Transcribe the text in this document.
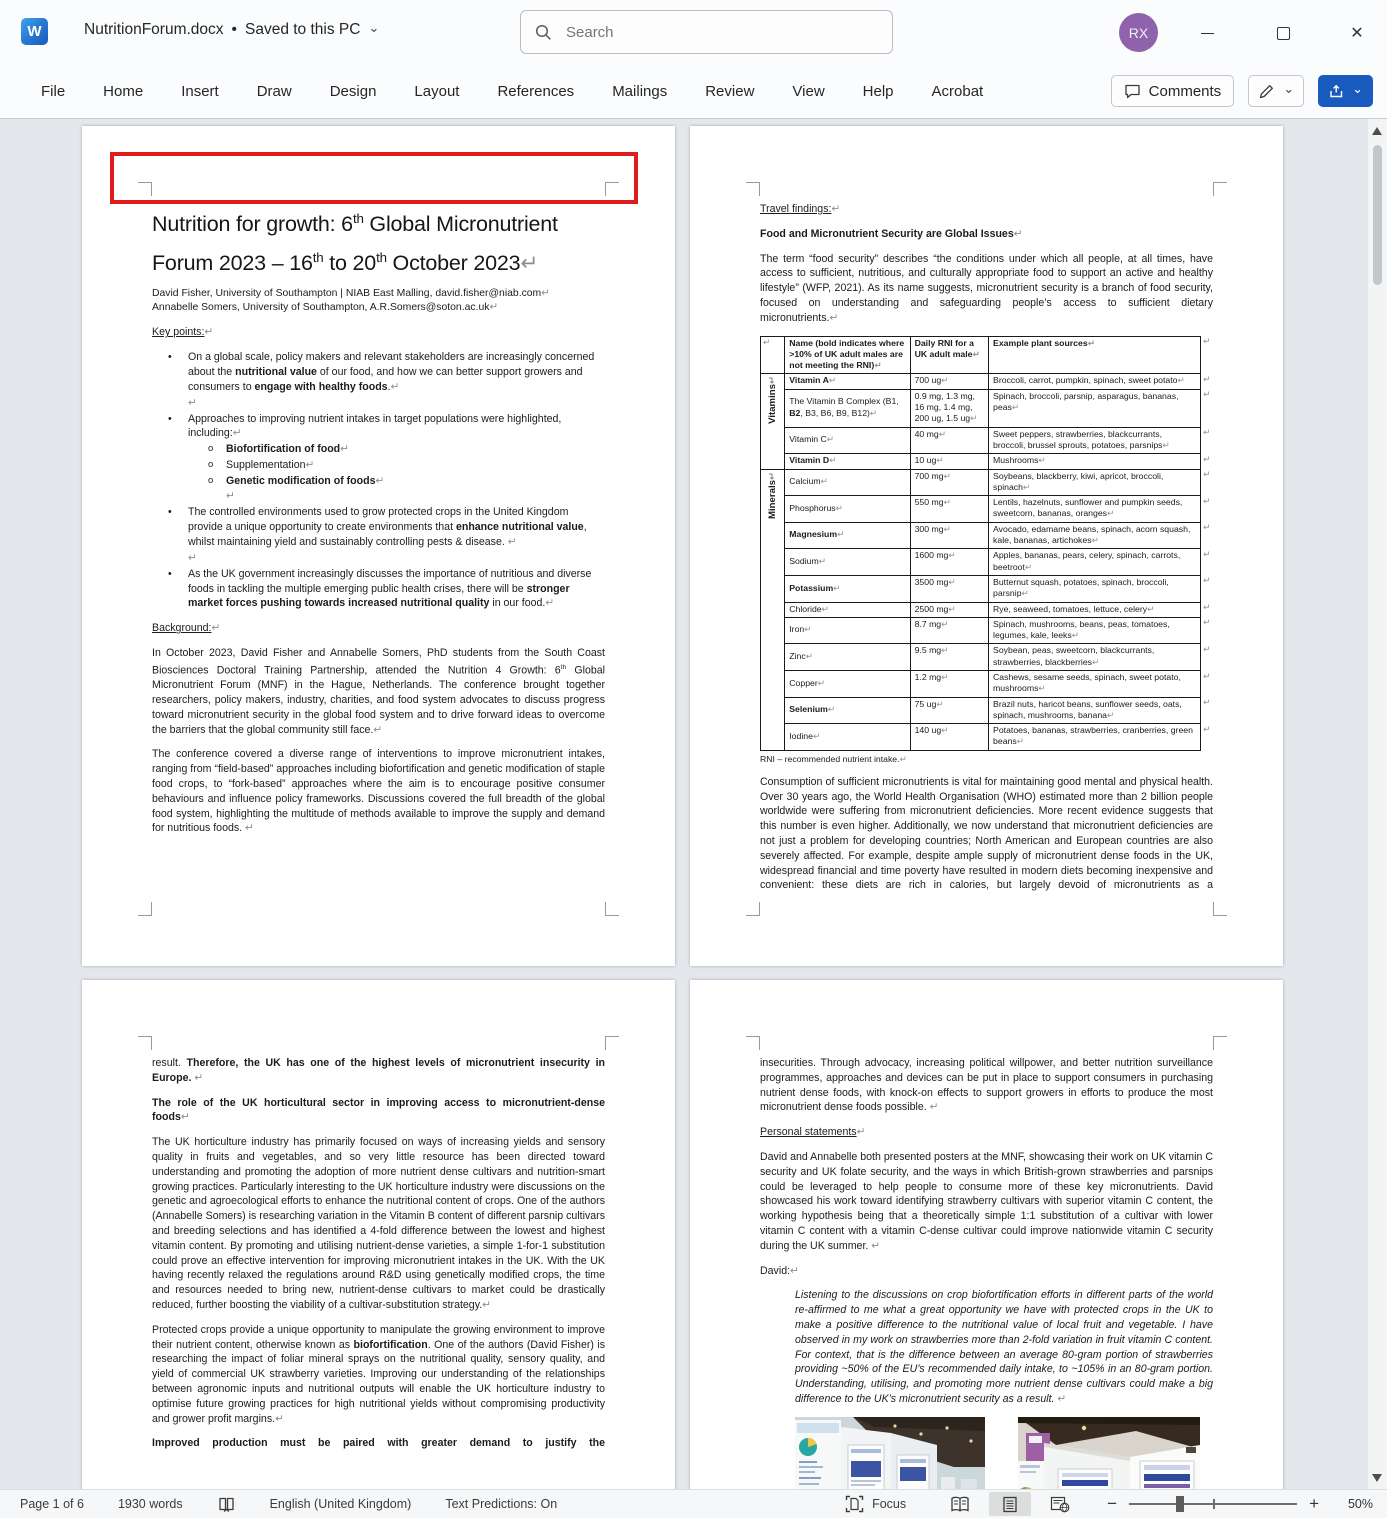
W	NutritionForum.docx • Saved to this PC ⌄
Search	RX	✕
File	Home	Insert	Draw	Design	Layout	References	Mailings	Review	View	Help	Acrobat	Comments	⌄	⌄
Nutrition for growth: 6th Global Micronutrient Forum 2023 – 16th to 20th October 2023↵

David Fisher, University of Southampton | NIAB East Malling, david.fisher@niab.com↵

Annabelle Somers, University of Southampton, A.R.Somers@soton.ac.uk↵

Key points:↵

•	On a global scale, policy makers and relevant stakeholders are increasingly concerned about the nutritional value of our food, and how we can better support growers and consumers to engage with healthy foods.↵
↵
•	Approaches to improving nutrient intakes in target populations were highlighted, including:↵
o	Biofortification of food↵
o	Supplementation↵
o	Genetic modification of foods↵
↵
•	The controlled environments used to grow protected crops in the United Kingdom provide a unique opportunity to create environments that enhance nutritional value, whilst maintaining yield and sustainably controlling pests & disease. ↵
↵
•	As the UK government increasingly discusses the importance of nutritious and diverse foods in tackling the multiple emerging public health crises, there will be stronger market forces pushing towards increased nutritional quality in our food.↵

Background:↵

In October 2023, David Fisher and Annabelle Somers, PhD students from the South Coast Biosciences Doctoral Training Partnership, attended the Nutrition 4 Growth: 6th Global Micronutrient Forum (MNF) in the Hague, Netherlands. The conference brought together researchers, policy makers, industry, charities, and food system advocates to discuss progress toward micronutrient security in the global food system and to drive forward ideas to overcome the barriers that the global community still face.↵

The conference covered a diverse range of interventions to improve micronutrient intakes, ranging from “field-based” approaches including biofortification and genetic modification of staple food crops, to “fork-based” approaches where the aim is to encourage positive consumer behaviours and influence policy frameworks. Discussions covered the full breadth of the global food system, highlighting the multitude of methods available to improve the supply and demand for nutritious foods. ↵

Travel findings:↵

Food and Micronutrient Security are Global Issues↵

The term “food security” describes “the conditions under which all people, at all times, have access to sufficient, nutritious, and culturally appropriate food to support an active and healthy lifestyle” (WFP, 2021). As its name suggests, micronutrient security is a branch of food security, focused on understanding and safeguarding people’s access to sufficient dietary micronutrients.↵

↵	Name (bold indicates where >10% of UK adult males are not meeting the RNI)↵	Daily RNI for a UK adult male↵	Example plant sources↵	↵

Vitamins↵	Vitamin A↵	700 ug↵	Broccoli, carrot, pumpkin, spinach, sweet potato↵	↵
	The Vitamin B Complex (B1, B2, B3, B6, B9, B12)↵	0.9 mg, 1.3 mg, 16 mg, 1.4 mg, 200 ug, 1.5 ug↵	Spinach, broccoli, parsnip, asparagus, bananas, peas↵	↵
	Vitamin C↵	40 mg↵	Sweet peppers, strawberries, blackcurrants, broccoli, brussel sprouts, potatoes, parsnips↵	↵
	Vitamin D↵	10 ug↵	Mushrooms↵	↵

Minerals↵	Calcium↵	700 mg↵	Soybeans, blackberry, kiwi, apricot, broccoli, spinach↵	↵
	Phosphorus↵	550 mg↵	Lentils, hazelnuts, sunflower and pumpkin seeds, sweetcorn, bananas, oranges↵	↵
	Magnesium↵	300 mg↵	Avocado, edamame beans, spinach, acorn squash, kale, bananas, artichokes↵	↵
	Sodium↵	1600 mg↵	Apples, bananas, pears, celery, spinach, carrots, beetroot↵	↵
	Potassium↵	3500 mg↵	Butternut squash, potatoes, spinach, broccoli, parsnip↵	↵
	Chloride↵	2500 mg↵	Rye, seaweed, tomatoes, lettuce, celery↵	↵
	Iron↵	8.7 mg↵	Spinach, mushrooms, beans, peas, tomatoes, legumes, kale, leeks↵	↵
	Zinc↵	9.5 mg↵	Soybean, peas, sweetcorn, blackcurrants, strawberries, blackberries↵	↵
	Copper↵	1.2 mg↵	Cashews, sesame seeds, spinach, sweet potato, mushrooms↵	↵
	Selenium↵	75 ug↵	Brazil nuts, haricot beans, sunflower seeds, oats, spinach, mushrooms, banana↵	↵
	Iodine↵	140 ug↵	Potatoes, bananas, strawberries, cranberries, green beans↵	↵

RNI – recommended nutrient intake.↵

Consumption of sufficient micronutrients is vital for maintaining good mental and physical health. Over 30 years ago, the World Health Organisation (WHO) estimated more than 2 billion people worldwide were suffering from micronutrient deficiencies. More recent evidence suggests that this number is even higher. Additionally, we now understand that micronutrient deficiencies are not just a problem for developing countries; North American and European countries are also severely affected. For example, despite ample supply of micronutrient dense foods in the UK, widespread financial and time poverty have resulted in modern diets becoming inexpensive and convenient: these diets are rich in calories, but largely devoid of micronutrients as a

result. Therefore, the UK has one of the highest levels of micronutrient insecurity in Europe. ↵

The role of the UK horticultural sector in improving access to micronutrient-dense foods↵

The UK horticulture industry has primarily focused on ways of increasing yields and sensory quality in fruits and vegetables, and so very little resource has been directed toward understanding and promoting the adoption of more nutrient dense cultivars and nutrition-smart growing practices. Particularly interesting to the UK horticulture industry were discussions on the genetic and agroecological efforts to enhance the nutritional content of crops. One of the authors (Annabelle Somers) is researching variation in the Vitamin B content of different parsnip cultivars and breeding selections and has identified a 4-fold difference between the lowest and highest vitamin content. By promoting and utilising nutrient-dense varieties, a simple 1-for-1 substitution could prove an effective intervention for improving micronutrient intakes in the UK. With the UK having recently relaxed the regulations around R&D using genetically modified crops, the time and resources needed to bring new, nutrient-dense cultivars to market could be drastically reduced, further boosting the viability of a cultivar-substitution strategy.↵

Protected crops provide a unique opportunity to manipulate the growing environment to improve their nutrient content, otherwise known as biofortification. One of the authors (David Fisher) is researching the impact of foliar mineral sprays on the nutritional quality, sensory quality, and yield of commercial UK strawberry varieties. Improving our understanding of the relationships between agronomic inputs and nutritional outputs will enable the UK horticulture industry to optimise future growing practices for high nutritional yields without compromising productivity and grower profit margins.↵

Improved production must be paired with greater demand to justify the

insecurities. Through advocacy, increasing political willpower, and better nutrition surveillance programmes, approaches and devices can be put in place to support consumers in purchasing nutrient dense foods, with knock-on effects to support growers in efforts to produce the most micronutrient dense foods possible. ↵

Personal statements↵

David and Annabelle both presented posters at the MNF, showcasing their work on UK vitamin C security and UK folate security, and the ways in which British-grown strawberries and parsnips could be leveraged to help people to consume more of these key micronutrients. David showcased his work toward identifying strawberry cultivars with superior vitamin C content, the working hypothesis being that a theoretically simple 1:1 substitution of a cultivar with lower vitamin C content with a vitamin C-dense cultivar could improve nationwide vitamin C security during the UK summer. ↵

David:↵

Listening to the discussions on crop biofortification efforts in different parts of the world re-affirmed to me what a great opportunity we have with protected crops in the UK to make a positive difference to the nutritional value of local fruit and vegetable. I have observed in my work on strawberries more than 2-fold variation in fruit vitamin C content. For context, that is the difference between an average 80-gram portion of strawberries providing ~50% of the EU’s recommended daily intake, to ~105% in an 80-gram portion. Understanding, utilising, and promoting more nutrient dense cultivars could make a big difference to the UK’s micronutrient security as a result. ↵

Page 1 of 6	1930 words	English (United Kingdom)	Text Predictions: On	Focus	−	+	50%
